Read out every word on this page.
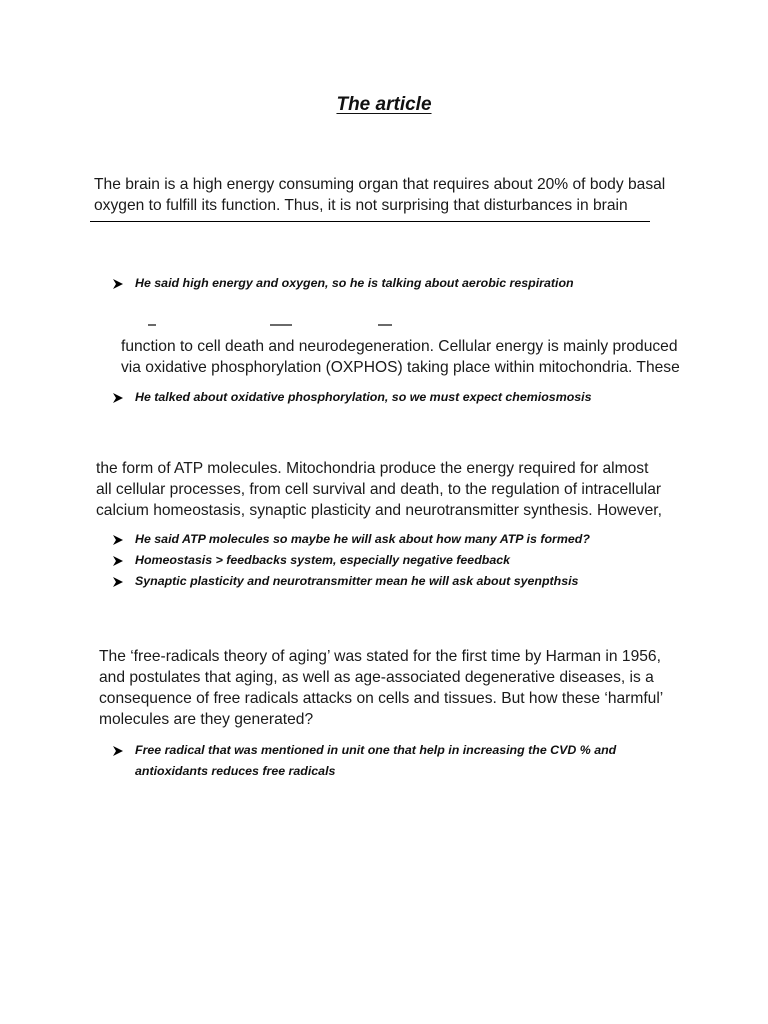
The article
The brain is a high energy consuming organ that requires about 20% of body basal
oxygen to fulfill its function. Thus, it is not surprising that disturbances in brain
He said high energy and oxygen, so he is talking about aerobic respiration
function to cell death and neurodegeneration. Cellular energy is mainly produced
via oxidative phosphorylation (OXPHOS) taking place within mitochondria. These
He talked about oxidative phosphorylation, so we must expect chemiosmosis
the form of ATP molecules. Mitochondria produce the energy required for almost
all cellular processes, from cell survival and death, to the regulation of intracellular
calcium homeostasis, synaptic plasticity and neurotransmitter synthesis. However,
He said ATP molecules so maybe he will ask about how many ATP is formed?
Homeostasis > feedbacks system, especially negative feedback
Synaptic plasticity and neurotransmitter mean he will ask about syenpthsis
The ‘free-radicals theory of aging’ was stated for the first time by Harman in 1956,
and postulates that aging, as well as age-associated degenerative diseases, is a
consequence of free radicals attacks on cells and tissues. But how these ‘harmful’
molecules are they generated?
Free radical that was mentioned in unit one that help in increasing the CVD % and antioxidants reduces free radicals
